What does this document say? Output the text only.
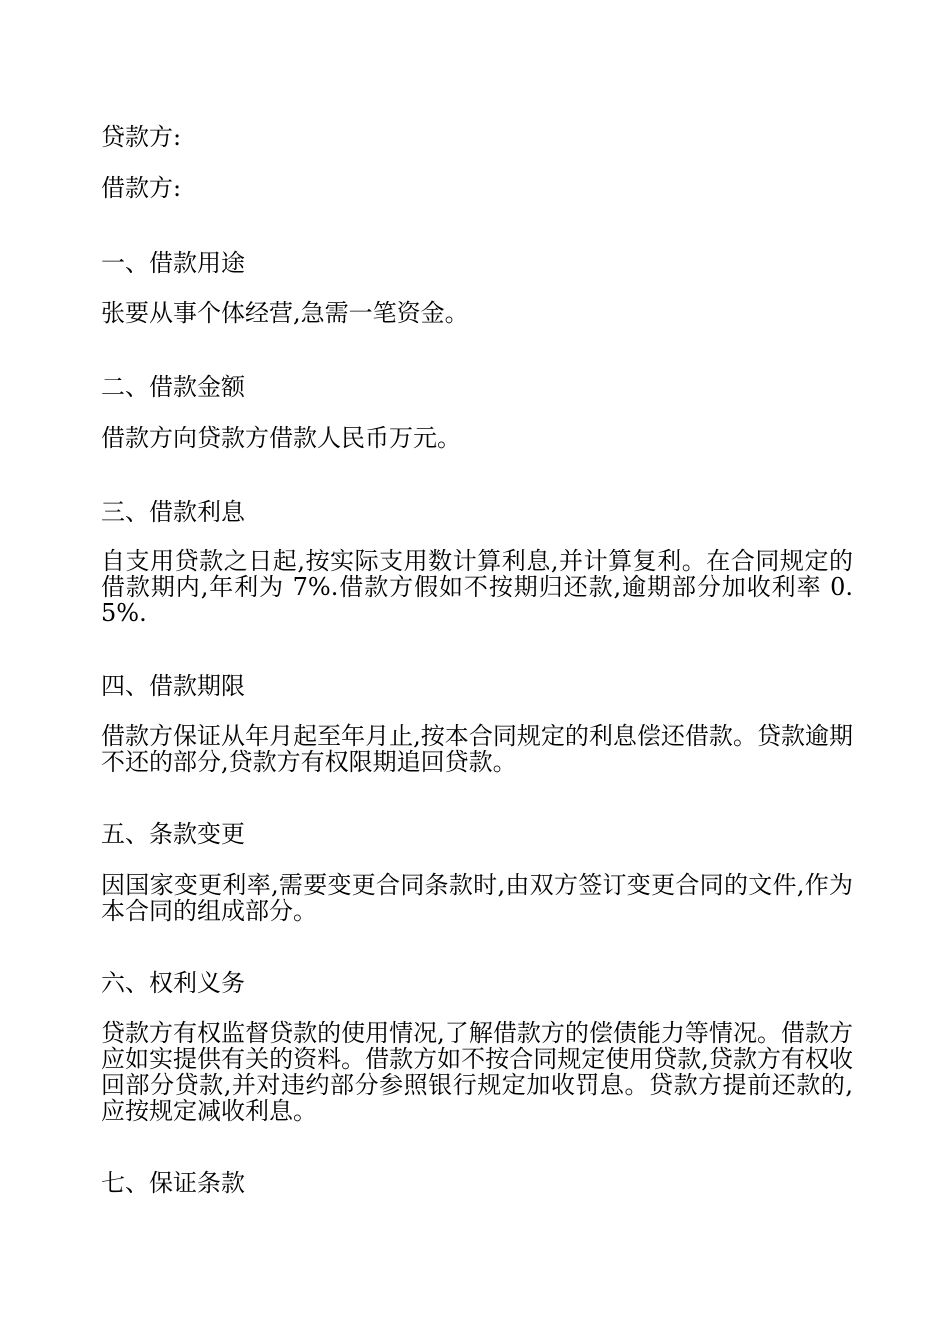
贷款方:

借款方:

一、借款用途

张要从事个体经营,急需一笔资金。

二、借款金额

借款方向贷款方借款人民币万元。

三、借款利息

自支用贷款之日起,按实际支用数计算利息,并计算复利。在合同规定的借款期内,年利为 7%.借款方假如不按期归还款,逾期部分加收利率 0.5%.

四、借款期限

借款方保证从年月起至年月止,按本合同规定的利息偿还借款。贷款逾期不还的部分,贷款方有权限期追回贷款。

五、条款变更

因国家变更利率,需要变更合同条款时,由双方签订变更合同的文件,作为本合同的组成部分。

六、权利义务

贷款方有权监督贷款的使用情况,了解借款方的偿债能力等情况。借款方应如实提供有关的资料。借款方如不按合同规定使用贷款,贷款方有权收回部分贷款,并对违约部分参照银行规定加收罚息。贷款方提前还款的,应按规定减收利息。

七、保证条款
